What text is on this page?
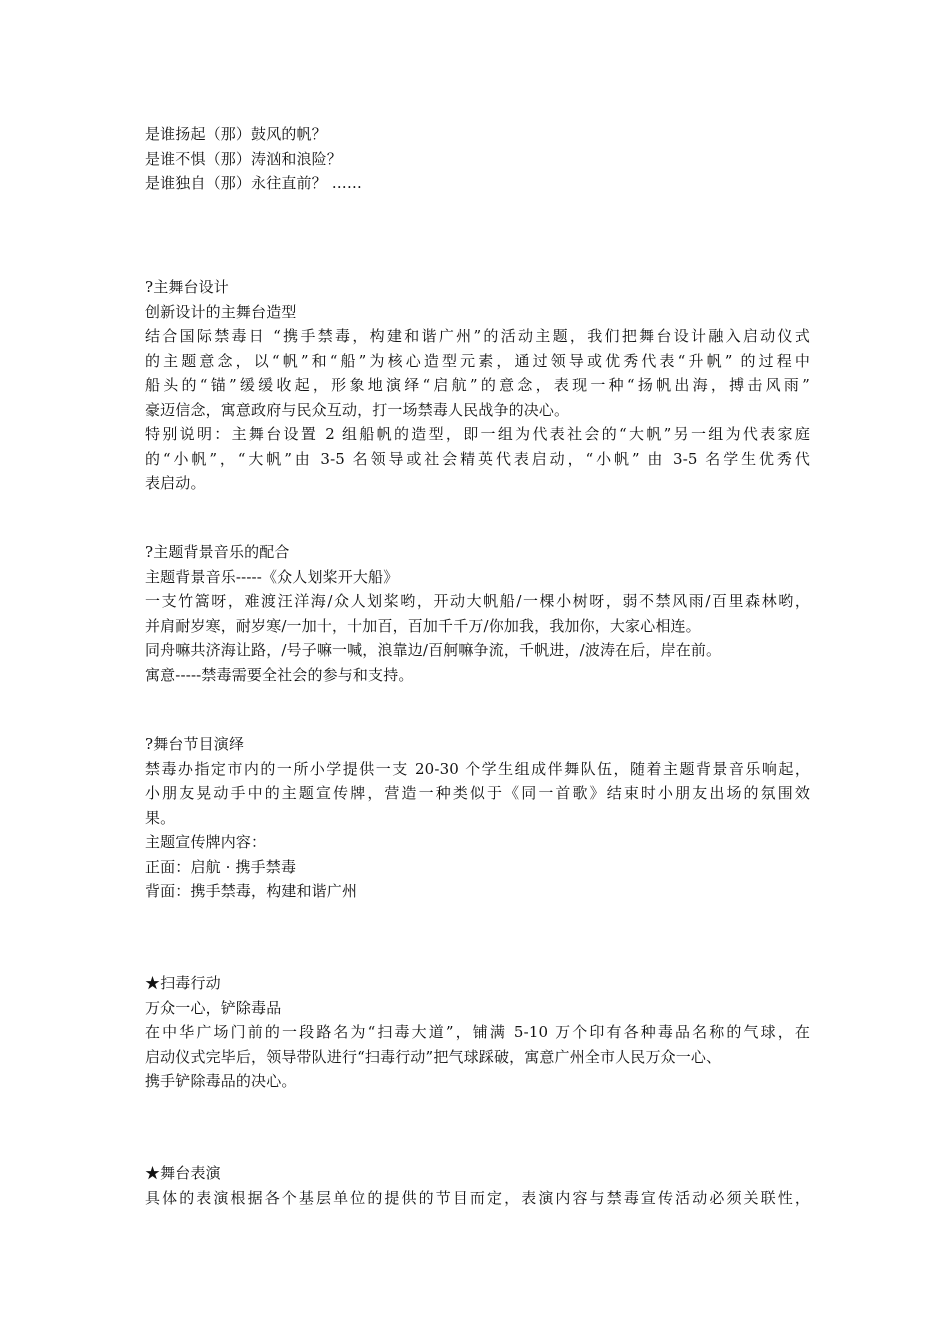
是谁扬起（那）鼓风的帆？
是谁不惧（那）涛汹和浪险？
是谁独自（那）永往直前？ ……
?主舞台设计
创新设计的主舞台造型
结合国际禁毒日 “携手禁毒，构建和谐广州”的活动主题，我们把舞台设计融入启动仪式
的主题意念，以“帆”和“船”为核心造型元素，通过领导或优秀代表“升帆” 的过程中
船头的“锚”缓缓收起，形象地演绎“启航”的意念，表现一种“扬帆出海，搏击风雨”
豪迈信念，寓意政府与民众互动，打一场禁毒人民战争的决心。
特别说明：主舞台设置 2 组船帆的造型，即一组为代表社会的“大帆”另一组为代表家庭
的“小帆”，“大帆”由 3-5 名领导或社会精英代表启动，“小帆” 由 3-5 名学生优秀代
表启动。
?主题背景音乐的配合
主题背景音乐-----《众人划桨开大船》
一支竹篙呀，难渡汪洋海/众人划桨哟，开动大帆船/一棵小树呀，弱不禁风雨/百里森林哟，
并肩耐岁寒，耐岁寒/一加十，十加百，百加千千万/你加我，我加你，大家心相连。
同舟嘛共济海让路，/号子嘛一喊，浪靠边/百舸嘛争流，千帆进，/波涛在后，岸在前。
寓意-----禁毒需要全社会的参与和支持。
?舞台节目演绎
禁毒办指定市内的一所小学提供一支 20-30 个学生组成伴舞队伍，随着主题背景音乐响起，
小朋友晃动手中的主题宣传牌，营造一种类似于《同一首歌》结束时小朋友出场的氛围效
果。
主题宣传牌内容：
正面：启航 · 携手禁毒
背面：携手禁毒，构建和谐广州
★扫毒行动
万众一心，铲除毒品
在中华广场门前的一段路名为“扫毒大道”，铺满 5-10 万个印有各种毒品名称的气球，在
启动仪式完毕后，领导带队进行“扫毒行动”把气球踩破，寓意广州全市人民万众一心、
携手铲除毒品的决心。
★舞台表演
具体的表演根据各个基层单位的提供的节目而定，表演内容与禁毒宣传活动必须关联性，
